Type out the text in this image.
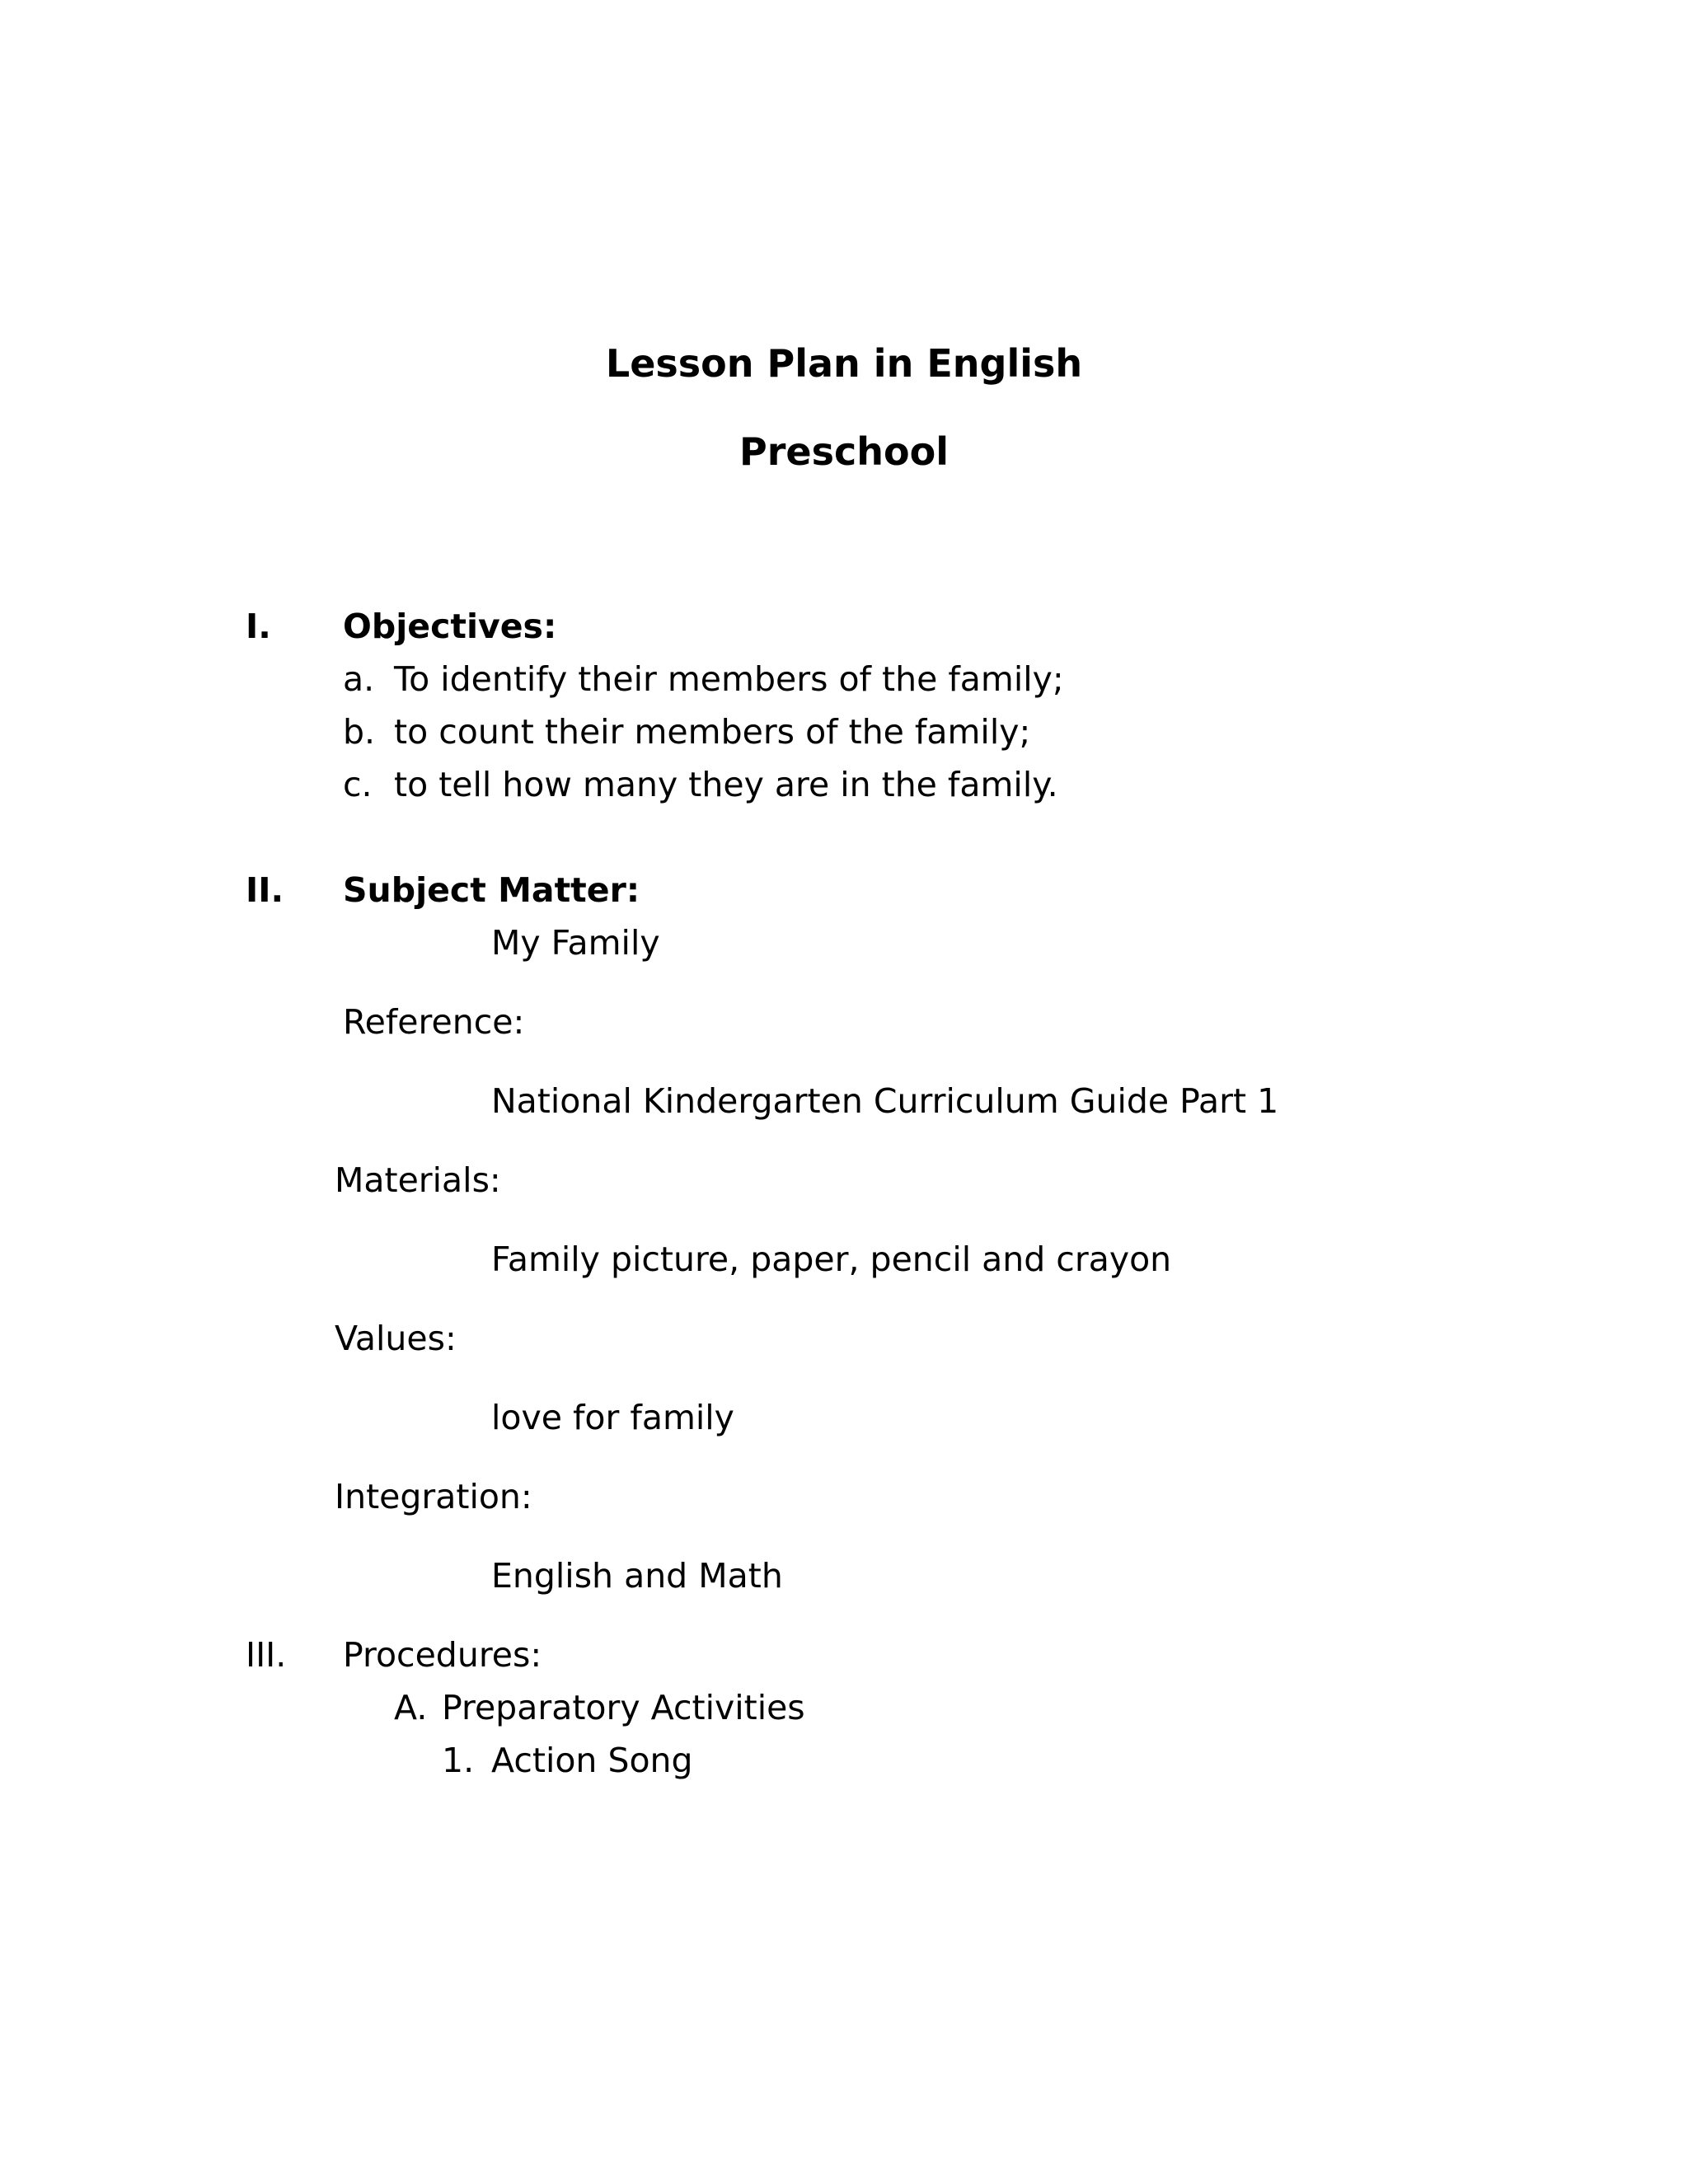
Lesson Plan in English
Preschool
I. Objectives:
a. To identify their members of the family;
b. to count their members of the family;
c. to tell how many they are in the family.
II. Subject Matter:
My Family
Reference:
National Kindergarten Curriculum Guide Part 1
Materials:
Family picture, paper, pencil and crayon
Values:
love for family
Integration:
English and Math
III. Procedures:
A. Preparatory Activities
1. Action Song
